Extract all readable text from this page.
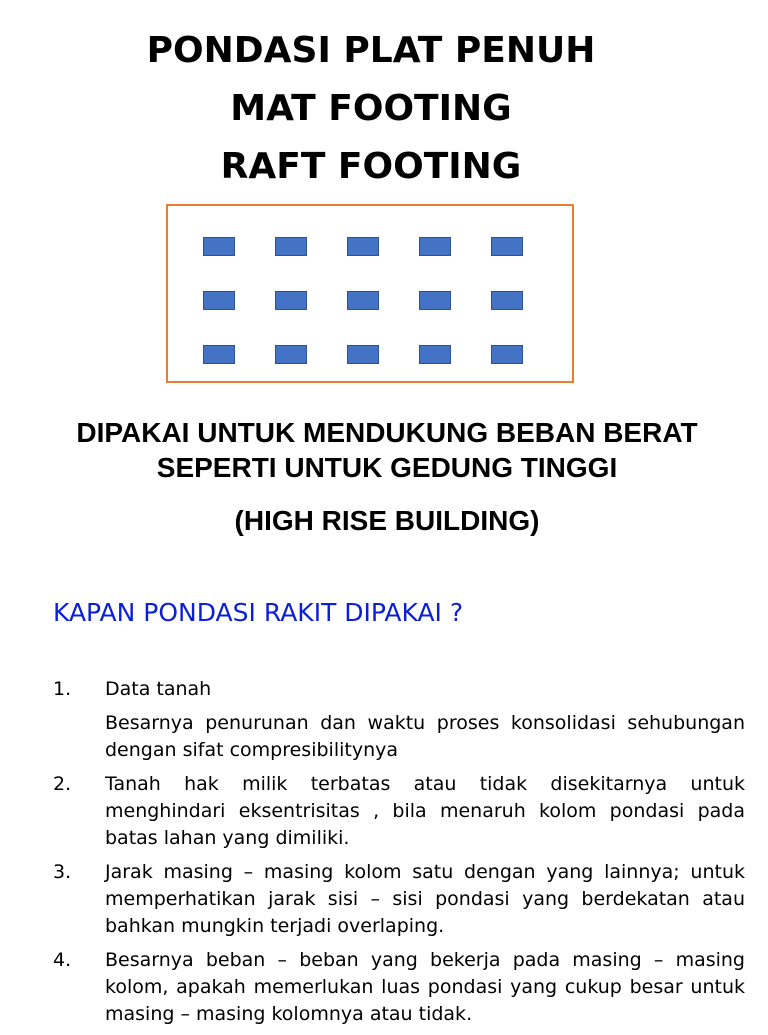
PONDASI PLAT PENUH
MAT FOOTING
RAFT FOOTING
DIPAKAI UNTUK MENDUKUNG BEBAN BERAT
SEPERTI UNTUK GEDUNG TINGGI
(HIGH RISE BUILDING)
KAPAN PONDASI RAKIT DIPAKAI ?
1.	Data tanah

Besarnya penurunan dan waktu proses konsolidasi sehubungan dengan sifat compresibilitynya

2.	Tanah hak milik terbatas atau tidak disekitarnya untuk menghindari eksentrisitas , bila menaruh kolom pondasi pada batas lahan yang dimiliki.

3.	Jarak masing – masing kolom satu dengan yang lainnya; untuk memperhatikan jarak sisi – sisi pondasi yang berdekatan atau bahkan mungkin terjadi overlaping.

4.	Besarnya beban – beban yang bekerja pada masing – masing kolom, apakah memerlukan luas pondasi yang cukup besar untuk masing – masing kolomnya atau tidak.
